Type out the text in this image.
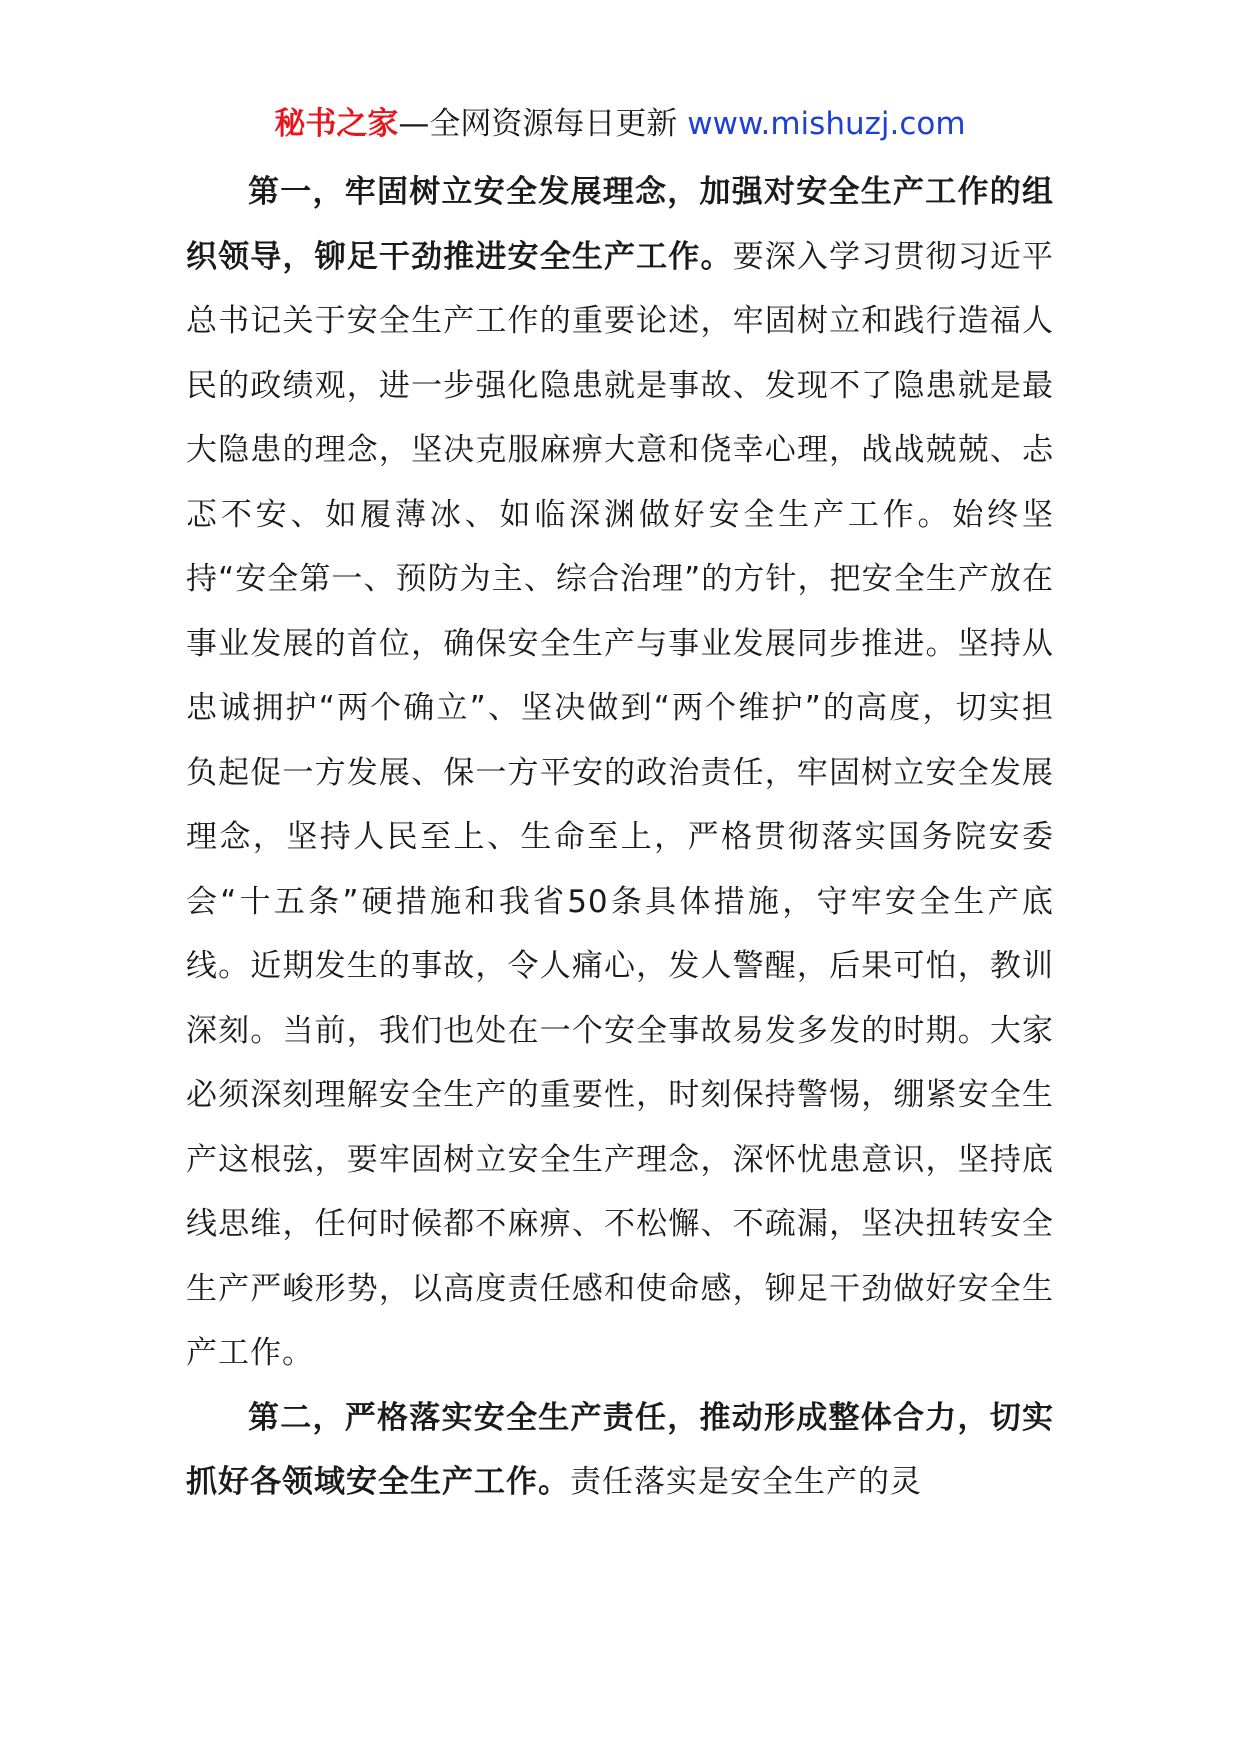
秘书之家—全网资源每日更新 www.mishuzj.com

第一，牢固树立安全发展理念，加强对安全生产工作的组织领导，铆足干劲推进安全生产工作。要深入学习贯彻习近平总书记关于安全生产工作的重要论述，牢固树立和践行造福人民的政绩观，进一步强化隐患就是事故、发现不了隐患就是最大隐患的理念，坚决克服麻痹大意和侥幸心理，战战兢兢、忐忑不安、如履薄冰、如临深渊做好安全生产工作。始终坚持“安全第一、预防为主、综合治理”的方针，把安全生产放在事业发展的首位，确保安全生产与事业发展同步推进。坚持从忠诚拥护“两个确立”、坚决做到“两个维护”的高度，切实担负起促一方发展、保一方平安的政治责任，牢固树立安全发展理念，坚持人民至上、生命至上，严格贯彻落实国务院安委会“十五条”硬措施和我省50条具体措施，守牢安全生产底线。近期发生的事故，令人痛心，发人警醒，后果可怕，教训深刻。当前，我们也处在一个安全事故易发多发的时期。大家必须深刻理解安全生产的重要性，时刻保持警惕，绷紧安全生产这根弦，要牢固树立安全生产理念，深怀忧患意识，坚持底线思维，任何时候都不麻痹、不松懈、不疏漏，坚决扭转安全生产严峻形势，以高度责任感和使命感，铆足干劲做好安全生产工作。

第二，严格落实安全生产责任，推动形成整体合力，切实抓好各领域安全生产工作。责任落实是安全生产的灵
